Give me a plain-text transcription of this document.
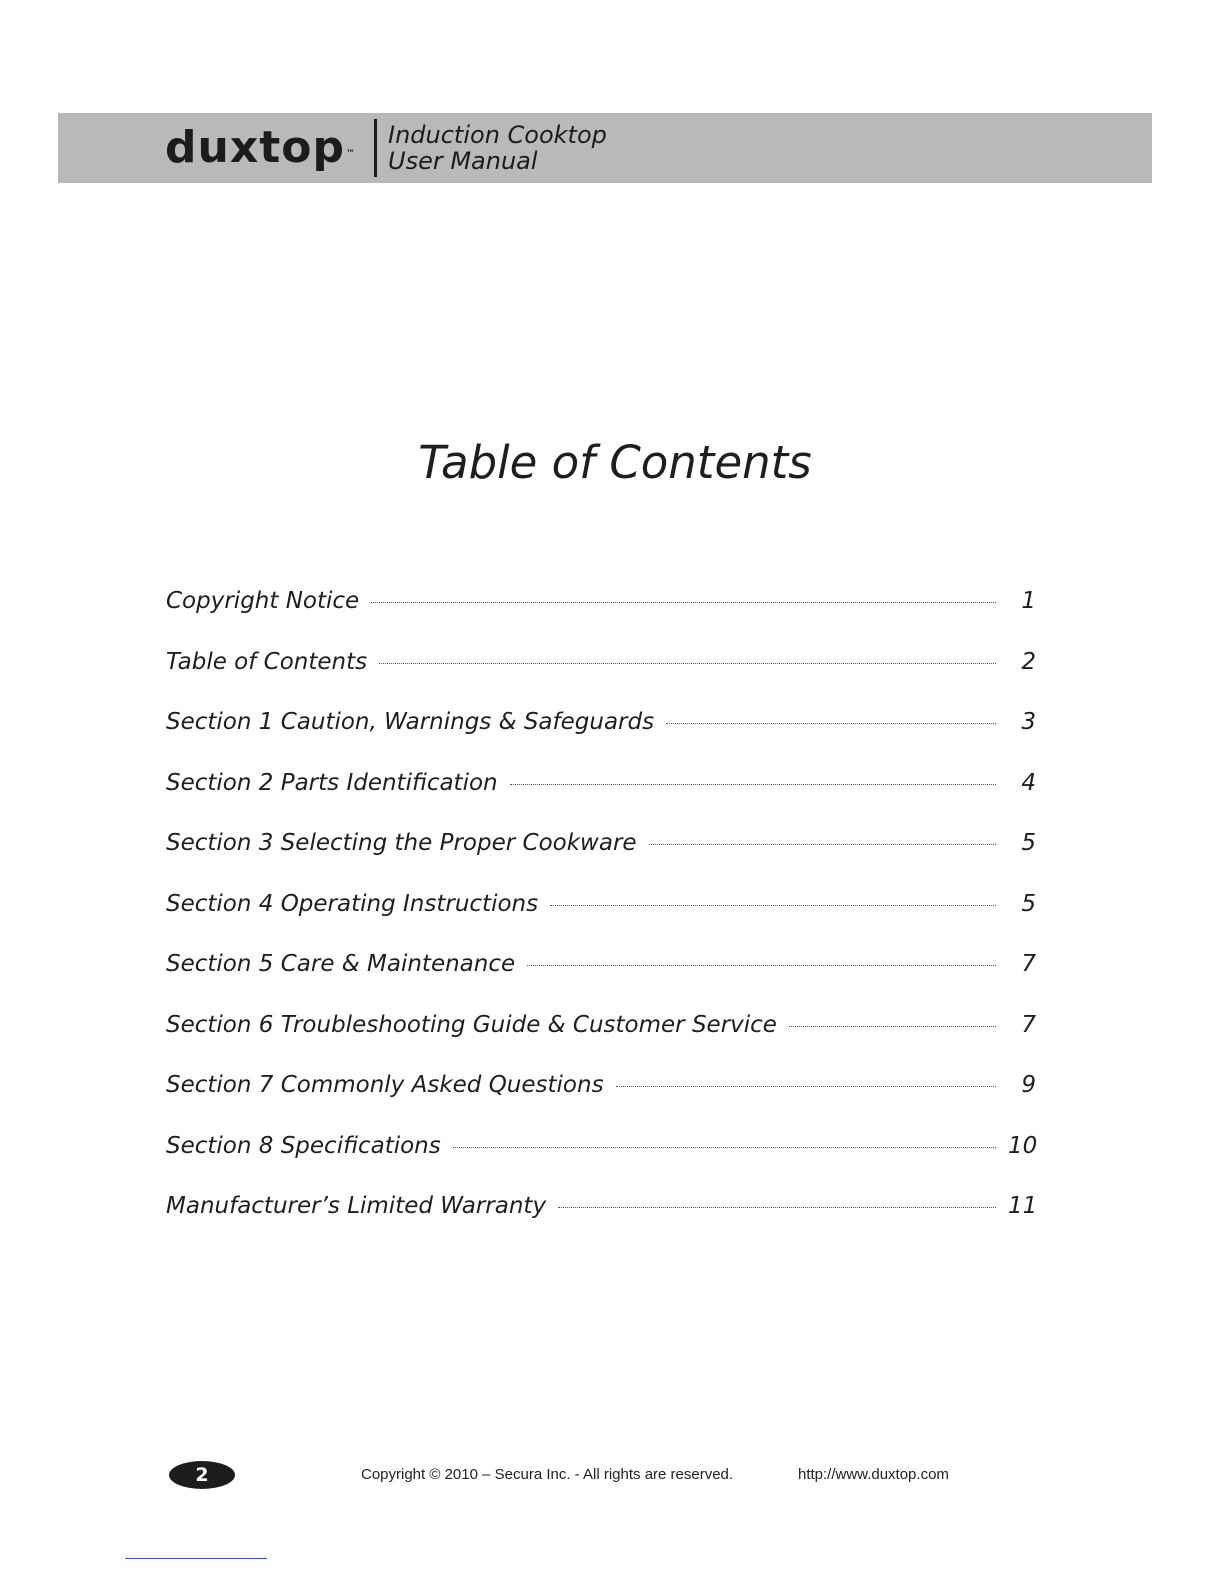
duxtop™
Induction Cooktop
User Manual
Table of Contents
Copyright Notice	1
Table of Contents	2
Section 1 Caution, Warnings & Safeguards	3
Section 2 Parts Identification	4
Section 3 Selecting the Proper Cookware	5
Section 4 Operating Instructions	5
Section 5 Care & Maintenance	7
Section 6 Troubleshooting Guide & Customer Service	7
Section 7 Commonly Asked Questions	9
Section 8 Specifications	10
Manufacturer’s Limited Warranty	11
2	Copyright © 2010 – Secura Inc. - All rights are reserved.	http://www.duxtop.com
